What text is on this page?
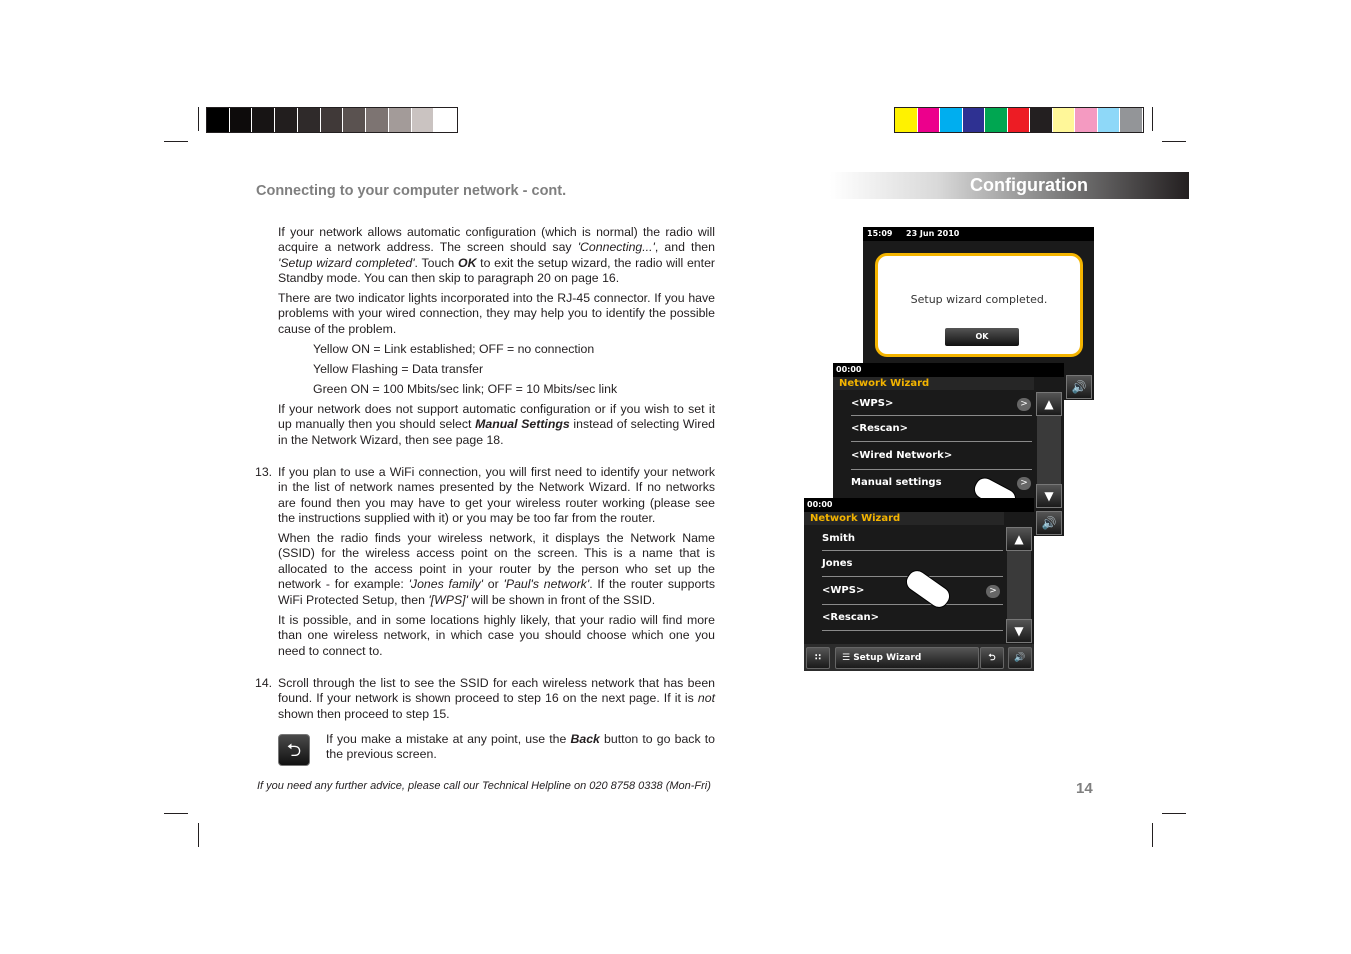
Connecting to your computer network - cont.	Configuration
If your network allows automatic configuration (which is normal) the radio will acquire a network address. The screen should say 'Connecting...', and then 'Setup wizard completed'. Touch OK to exit the setup wizard, the radio will enter Standby mode. You can then skip to paragraph 20 on page 16.
There are two indicator lights incorporated into the RJ-45 connector. If you have problems with your wired connection, they may help you to identify the possible cause of the problem.
Yellow ON = Link established; OFF = no connection
Yellow Flashing = Data transfer
Green ON = 100 Mbits/sec link; OFF = 10 Mbits/sec link
If your network does not support automatic configuration or if you wish to set it up manually then you should select Manual Settings instead of selecting Wired in the Network Wizard, then see page 18.
13. If you plan to use a WiFi connection, you will first need to identify your network in the list of network names presented by the Network Wizard. If no networks are found then you may have to get your wireless router working (please see the instructions supplied with it) or you may be too far from the router.
When the radio finds your wireless network, it displays the Network Name (SSID) for the wireless access point on the screen. This is a name that is allocated to the access point in your router by the person who set up the network - for example: 'Jones family' or 'Paul's network'. If the router supports WiFi Protected Setup, then '[WPS]' will be shown in front of the SSID.
It is possible, and in some locations highly likely, that your radio will find more than one wireless network, in which case you should choose which one you need to connect to.
14. Scroll through the list to see the SSID for each wireless network that has been found. If your network is shown proceed to step 16 on the next page. If it is not shown then proceed to step 15.
⮌
If you make a mistake at any point, use the Back button to go back to the previous screen.
If you need any further advice, please call our Technical Helpline on 020 8758 0338 (Mon-Fri)	14
15:09 23 Jun 2010
Setup wizard completed.
OK
🔊
00:00
Network Wizard
<WPS>	>
<Rescan>
<Wired Network>
Manual settings	>
▲
▼
🔊
00:00
Network Wizard
Smith
Jones
<WPS>	>
<Rescan>
▲
▼
∷	☰ Setup Wizard	⮌	🔊
